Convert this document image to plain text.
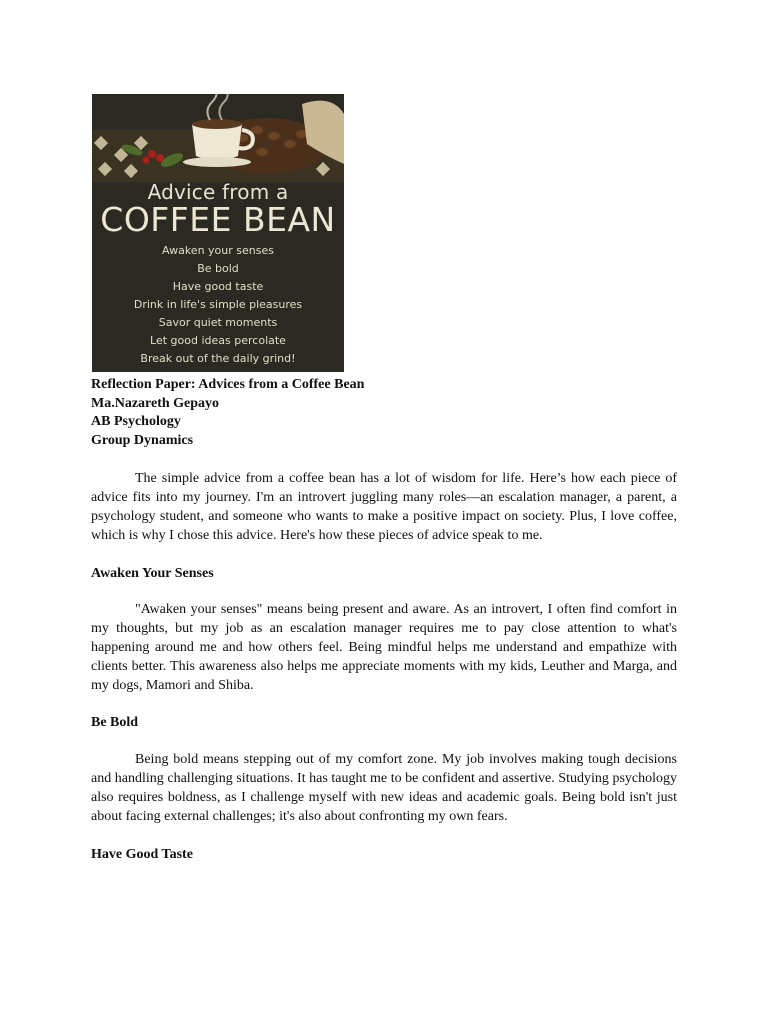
Advice from a
COFFEE BEAN
Awaken your senses
Be bold
Have good taste
Drink in life's simple pleasures
Savor quiet moments
Let good ideas percolate
Break out of the daily grind!
Reflection Paper: Advices from a Coffee Bean
Ma.Nazareth Gepayo
AB Psychology
Group Dynamics

The simple advice from a coffee bean has a lot of wisdom for life. Here’s how each piece of advice fits into my journey. I'm an introvert juggling many roles—an escalation manager, a parent, a psychology student, and someone who wants to make a positive impact on society. Plus, I love coffee, which is why I chose this advice. Here's how these pieces of advice speak to me.

Awaken Your Senses

"Awaken your senses" means being present and aware. As an introvert, I often find comfort in my thoughts, but my job as an escalation manager requires me to pay close attention to what's happening around me and how others feel. Being mindful helps me understand and empathize with clients better. This awareness also helps me appreciate moments with my kids, Leuther and Marga, and my dogs, Mamori and Shiba.

Be Bold

Being bold means stepping out of my comfort zone. My job involves making tough decisions and handling challenging situations. It has taught me to be confident and assertive. Studying psychology also requires boldness, as I challenge myself with new ideas and academic goals. Being bold isn't just about facing external challenges; it's also about confronting my own fears.

Have Good Taste
